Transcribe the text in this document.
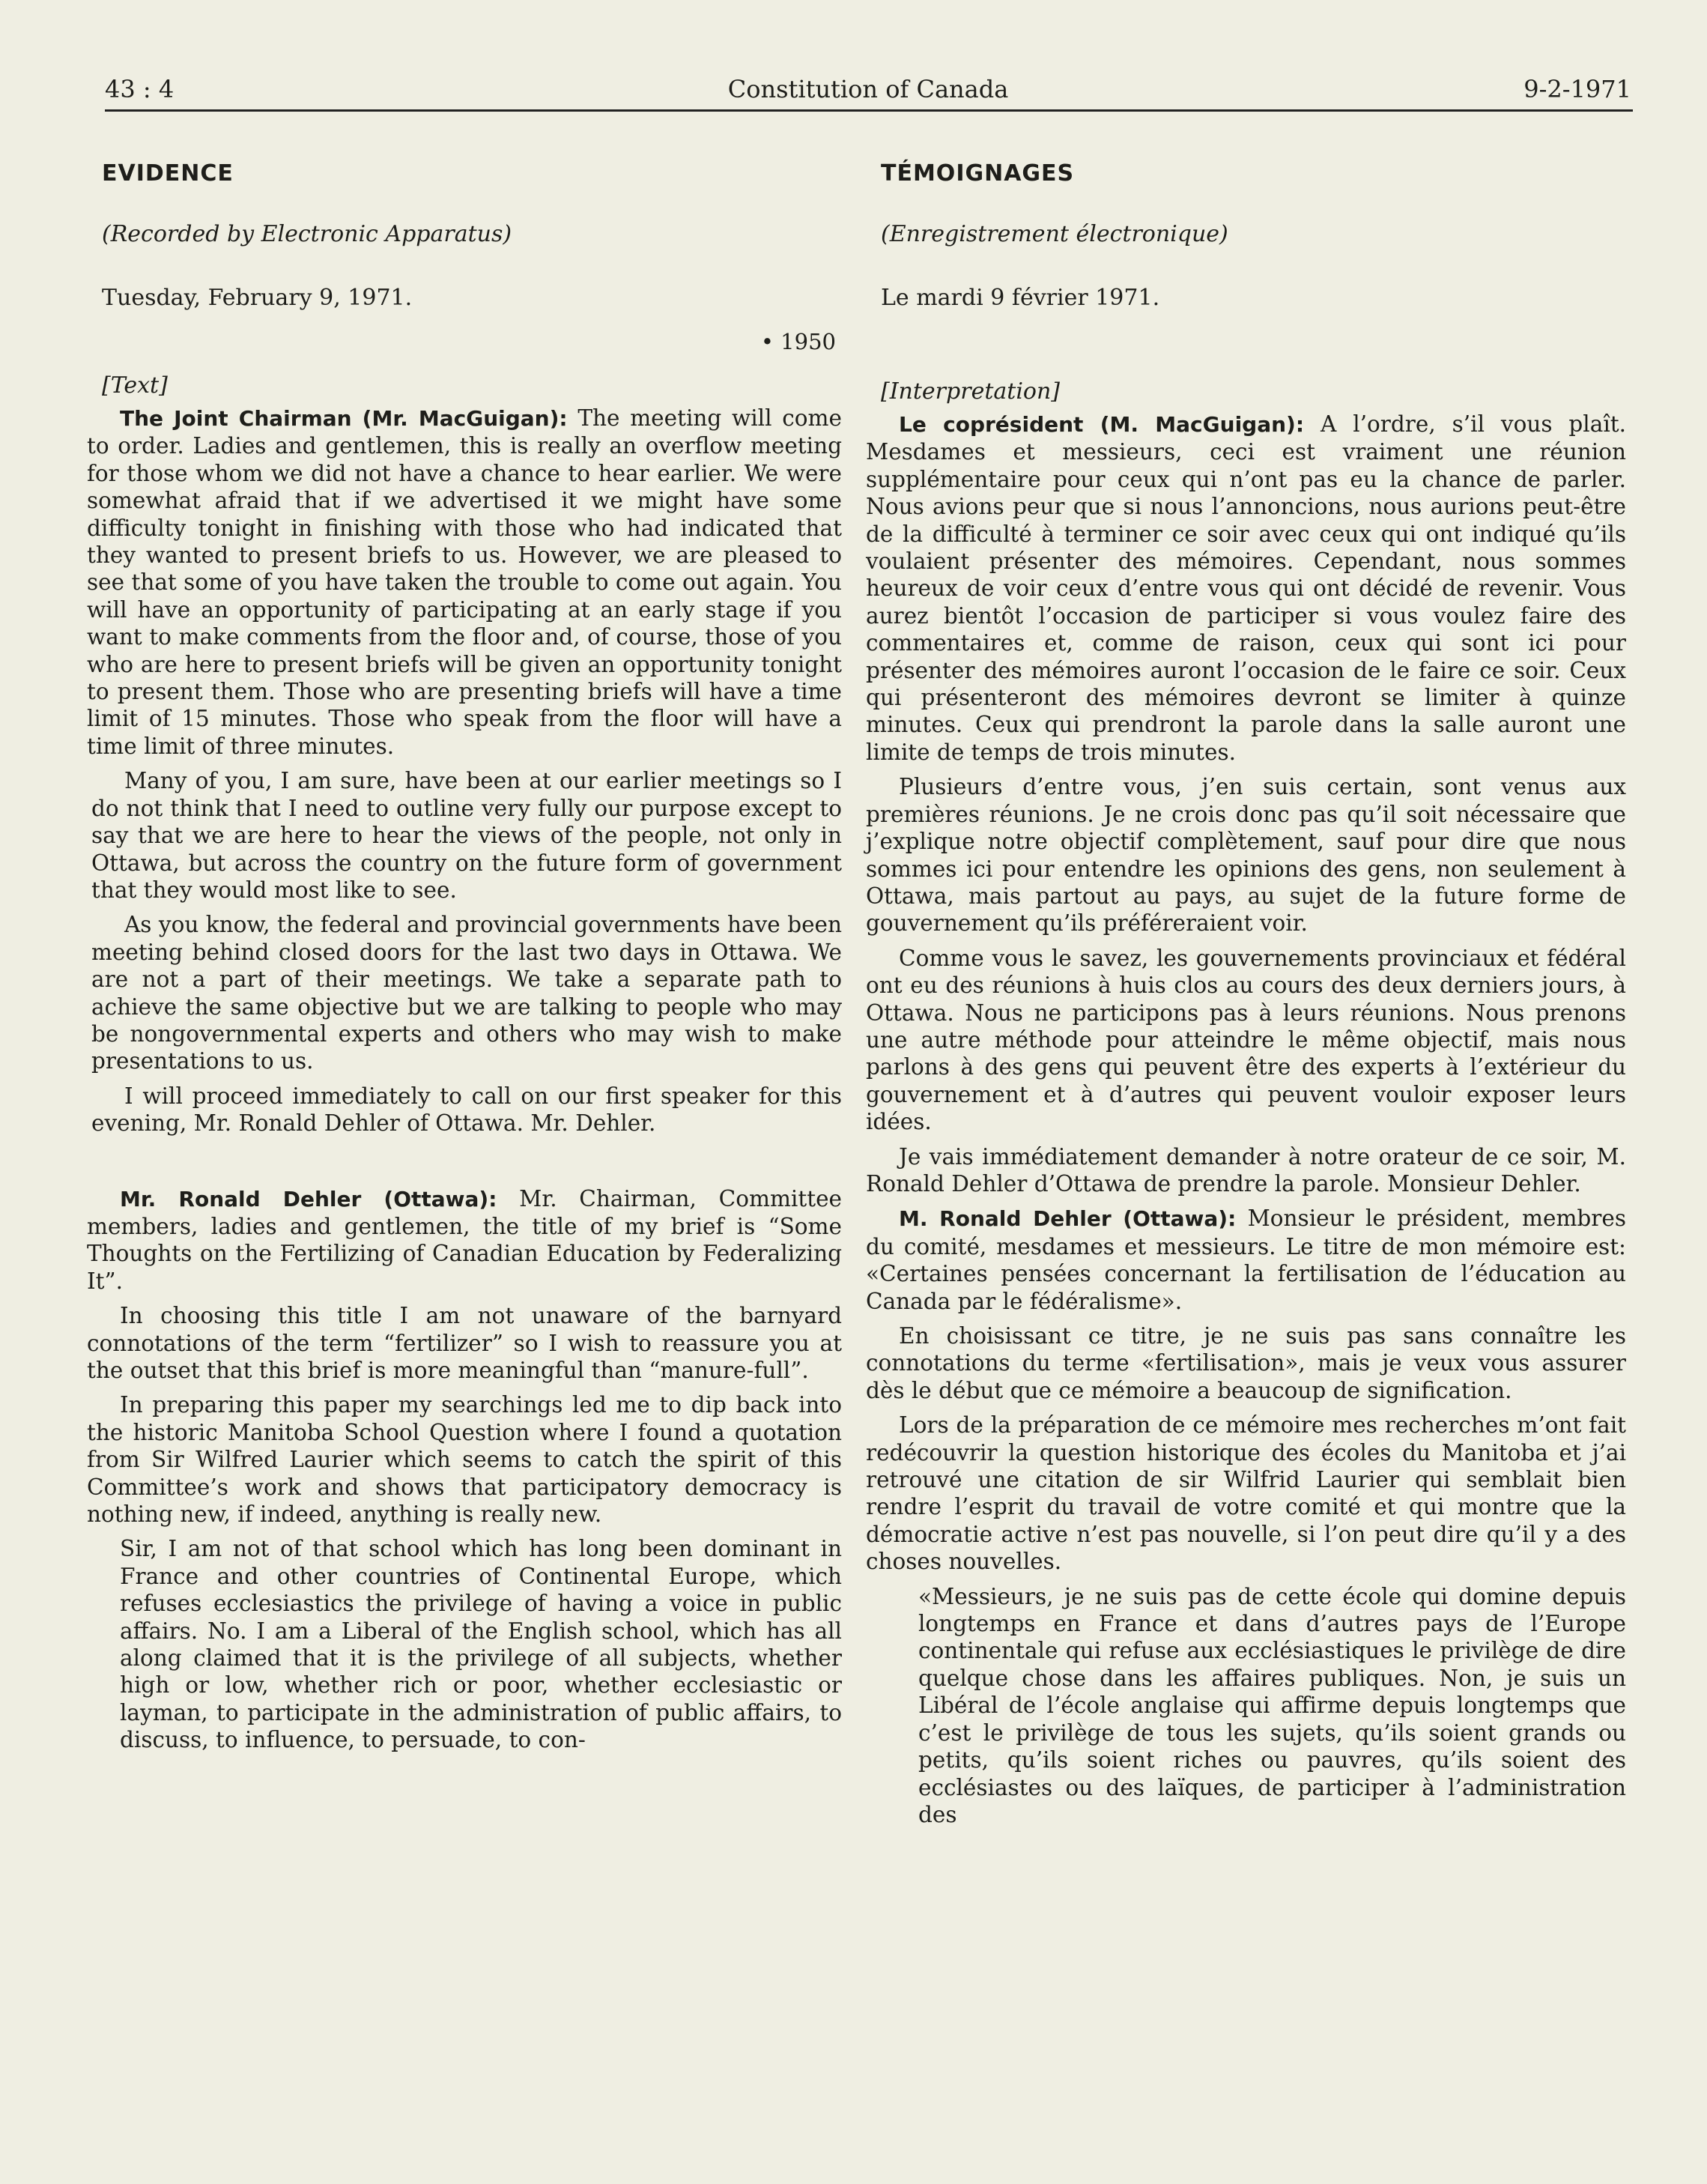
43 : 4	Constitution of Canada	9-2-1971
EVIDENCE
(Recorded by Electronic Apparatus)
Tuesday, February 9, 1971.
• 1950
[Text]

The Joint Chairman (Mr. MacGuigan): The meeting will come to order. Ladies and gentlemen, this is really an overflow meeting for those whom we did not have a chance to hear earlier. We were somewhat afraid that if we advertised it we might have some difficulty tonight in finishing with those who had indicated that they wanted to present briefs to us. However, we are pleased to see that some of you have taken the trouble to come out again. You will have an opportunity of participating at an early stage if you want to make comments from the floor and, of course, those of you who are here to present briefs will be given an opportunity tonight to present them. Those who are presenting briefs will have a time limit of 15 minutes. Those who speak from the floor will have a time limit of three minutes.

Many of you, I am sure, have been at our earlier meetings so I do not think that I need to outline very fully our purpose except to say that we are here to hear the views of the people, not only in Ottawa, but across the country on the future form of government that they would most like to see.

As you know, the federal and provincial governments have been meeting behind closed doors for the last two days in Ottawa. We are not a part of their meetings. We take a separate path to achieve the same objective but we are talking to people who may be nongovernmental experts and others who may wish to make presentations to us.

I will proceed immediately to call on our first speaker for this evening, Mr. Ronald Dehler of Ottawa. Mr. Dehler.

Mr. Ronald Dehler (Ottawa): Mr. Chairman, Committee members, ladies and gentlemen, the title of my brief is “Some Thoughts on the Fertilizing of Canadian Education by Federalizing It”.

In choosing this title I am not unaware of the barnyard connotations of the term “fertilizer” so I wish to reassure you at the outset that this brief is more meaningful than “manure-full”.

In preparing this paper my searchings led me to dip back into the historic Manitoba School Question where I found a quotation from Sir Wilfred Laurier which seems to catch the spirit of this Committee’s work and shows that participatory democracy is nothing new, if indeed, anything is really new.

Sir, I am not of that school which has long been dominant in France and other countries of Continental Europe, which refuses ecclesiastics the privilege of having a voice in public affairs. No. I am a Liberal of the English school, which has all along claimed that it is the privilege of all subjects, whether high or low, whether rich or poor, whether ecclesiastic or layman, to participate in the administration of public affairs, to discuss, to influence, to persuade, to con-

TÉMOIGNAGES
(Enregistrement électronique)
Le mardi 9 février 1971.
[Interpretation]

Le coprésident (M. MacGuigan): A l’ordre, s’il vous plaît. Mesdames et messieurs, ceci est vraiment une réunion supplémentaire pour ceux qui n’ont pas eu la chance de parler. Nous avions peur que si nous l’annoncions, nous aurions peut-être de la difficulté à terminer ce soir avec ceux qui ont indiqué qu’ils voulaient présenter des mémoires. Cependant, nous sommes heureux de voir ceux d’entre vous qui ont décidé de revenir. Vous aurez bientôt l’occasion de participer si vous voulez faire des commentaires et, comme de raison, ceux qui sont ici pour présenter des mémoires auront l’occasion de le faire ce soir. Ceux qui présenteront des mémoires devront se limiter à quinze minutes. Ceux qui prendront la parole dans la salle auront une limite de temps de trois minutes.

Plusieurs d’entre vous, j’en suis certain, sont venus aux premières réunions. Je ne crois donc pas qu’il soit nécessaire que j’explique notre objectif complètement, sauf pour dire que nous sommes ici pour entendre les opinions des gens, non seulement à Ottawa, mais partout au pays, au sujet de la future forme de gouvernement qu’ils préféreraient voir.

Comme vous le savez, les gouvernements provinciaux et fédéral ont eu des réunions à huis clos au cours des deux derniers jours, à Ottawa. Nous ne participons pas à leurs réunions. Nous prenons une autre méthode pour atteindre le même objectif, mais nous parlons à des gens qui peuvent être des experts à l’extérieur du gouvernement et à d’autres qui peuvent vouloir exposer leurs idées.

Je vais immédiatement demander à notre orateur de ce soir, M. Ronald Dehler d’Ottawa de prendre la parole. Monsieur Dehler.

M. Ronald Dehler (Ottawa): Monsieur le président, membres du comité, mesdames et messieurs. Le titre de mon mémoire est: «Certaines pensées concernant la fertilisation de l’éducation au Canada par le fédéralisme».

En choisissant ce titre, je ne suis pas sans connaître les connotations du terme «fertilisation», mais je veux vous assurer dès le début que ce mémoire a beaucoup de signification.

Lors de la préparation de ce mémoire mes recherches m’ont fait redécouvrir la question historique des écoles du Manitoba et j’ai retrouvé une citation de sir Wilfrid Laurier qui semblait bien rendre l’esprit du travail de votre comité et qui montre que la démocratie active n’est pas nouvelle, si l’on peut dire qu’il y a des choses nouvelles.

«Messieurs, je ne suis pas de cette école qui domine depuis longtemps en France et dans d’autres pays de l’Europe continentale qui refuse aux ecclésiastiques le privilège de dire quelque chose dans les affaires publiques. Non, je suis un Libéral de l’école anglaise qui affirme depuis longtemps que c’est le privilège de tous les sujets, qu’ils soient grands ou petits, qu’ils soient riches ou pauvres, qu’ils soient des ecclésiastes ou des laïques, de participer à l’administration des
